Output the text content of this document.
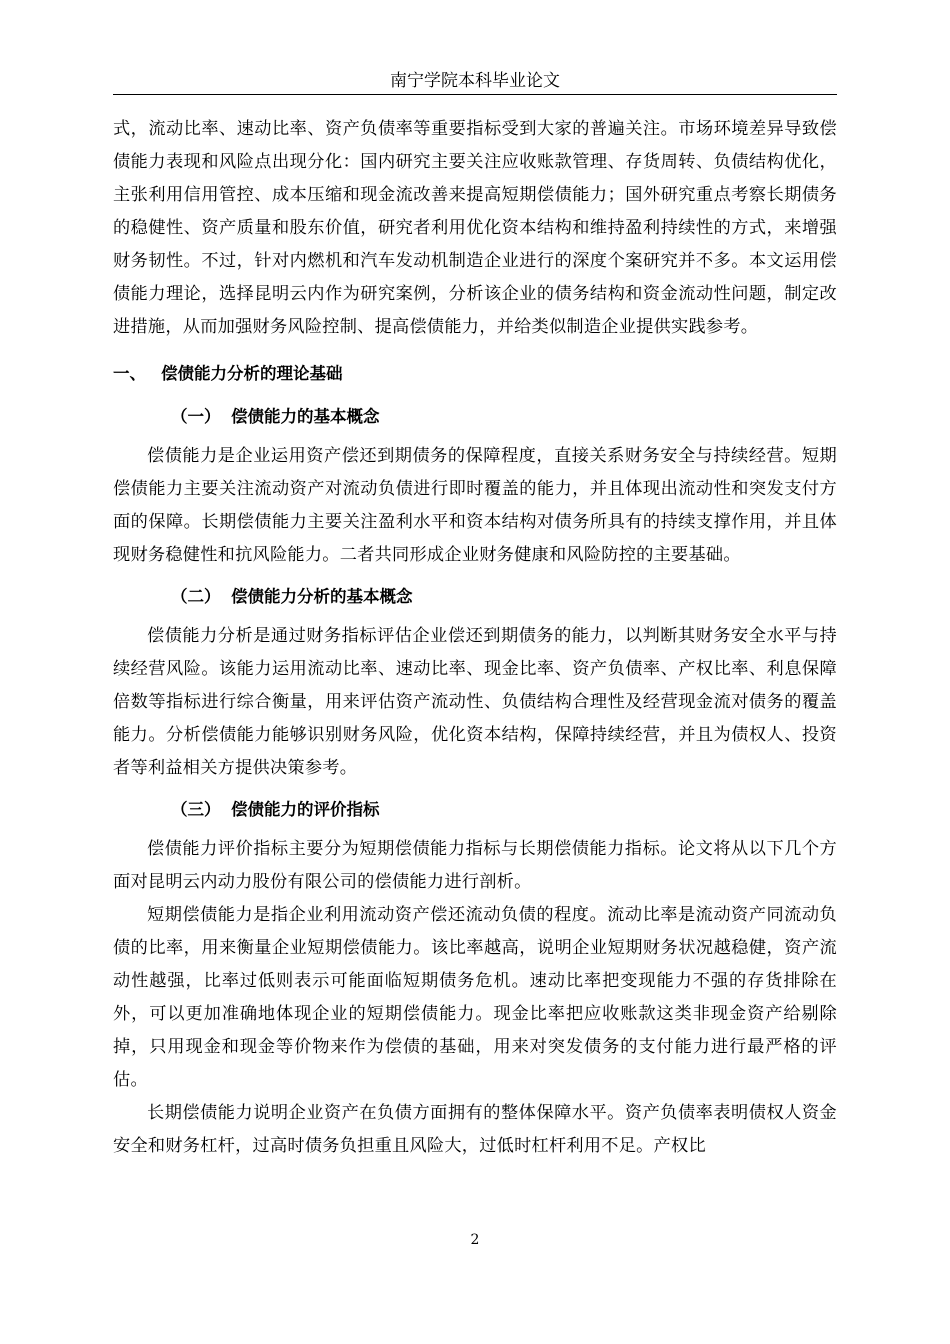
南宁学院本科毕业论文

式，流动比率、速动比率、资产负债率等重要指标受到大家的普遍关注。市场环境差异导致偿债能力表现和风险点出现分化：国内研究主要关注应收账款管理、存货周转、负债结构优化，主张利用信用管控、成本压缩和现金流改善来提高短期偿债能力；国外研究重点考察长期债务的稳健性、资产质量和股东价值，研究者利用优化资本结构和维持盈利持续性的方式，来增强财务韧性。不过，针对内燃机和汽车发动机制造企业进行的深度个案研究并不多。本文运用偿债能力理论，选择昆明云内作为研究案例，分析该企业的债务结构和资金流动性问题，制定改进措施，从而加强财务风险控制、提高偿债能力，并给类似制造企业提供实践参考。

一、 偿债能力分析的理论基础
（一） 偿债能力的基本概念

偿债能力是企业运用资产偿还到期债务的保障程度，直接关系财务安全与持续经营。短期偿债能力主要关注流动资产对流动负债进行即时覆盖的能力，并且体现出流动性和突发支付方面的保障。长期偿债能力主要关注盈利水平和资本结构对债务所具有的持续支撑作用，并且体现财务稳健性和抗风险能力。二者共同形成企业财务健康和风险防控的主要基础。

（二） 偿债能力分析的基本概念

偿债能力分析是通过财务指标评估企业偿还到期债务的能力，以判断其财务安全水平与持续经营风险。该能力运用流动比率、速动比率、现金比率、资产负债率、产权比率、利息保障倍数等指标进行综合衡量，用来评估资产流动性、负债结构合理性及经营现金流对债务的覆盖能力。分析偿债能力能够识别财务风险，优化资本结构，保障持续经营，并且为债权人、投资者等利益相关方提供决策参考。

（三） 偿债能力的评价指标

偿债能力评价指标主要分为短期偿债能力指标与长期偿债能力指标。论文将从以下几个方面对昆明云内动力股份有限公司的偿债能力进行剖析。

短期偿债能力是指企业利用流动资产偿还流动负债的程度。流动比率是流动资产同流动负债的比率，用来衡量企业短期偿债能力。该比率越高，说明企业短期财务状况越稳健，资产流动性越强，比率过低则表示可能面临短期债务危机。速动比率把变现能力不强的存货排除在外，可以更加准确地体现企业的短期偿债能力。现金比率把应收账款这类非现金资产给剔除掉，只用现金和现金等价物来作为偿债的基础，用来对突发债务的支付能力进行最严格的评估。

长期偿债能力说明企业资产在负债方面拥有的整体保障水平。资产负债率表明债权人资金安全和财务杠杆，过高时债务负担重且风险大，过低时杠杆利用不足。产权比

2
